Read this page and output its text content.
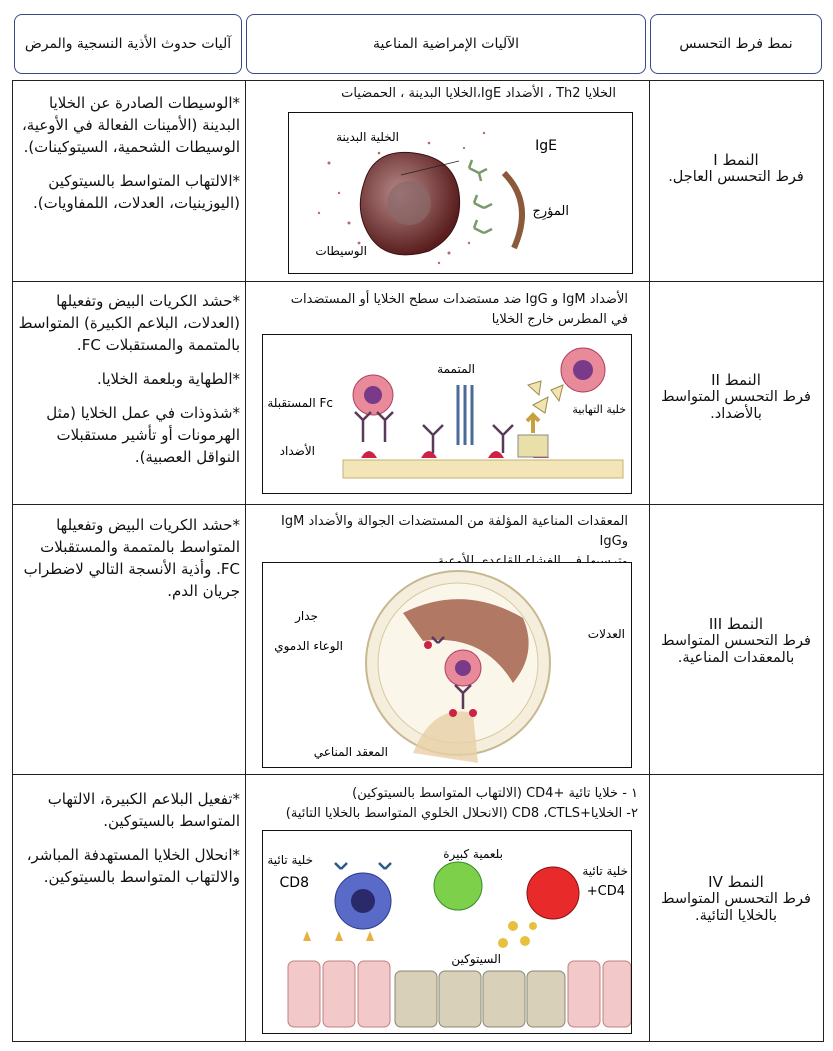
آليات حدوث الأذية النسجية والمرض	الآليات الإمراضية المناعية	نمط فرط التحسس

*الوسيطات الصادرة عن الخلايا البدينة (الأمينات الفعالة في الأوعية، الوسيطات الشحمية، السيتوكينات).

*الالتهاب المتواسط بالسيتوكين (اليوزينيات، العدلات، اللمفاويات).

الخلايا Th2 ، الأضداد IgE،الخلايا البدينة ، الحمضيات
الخلية البدينة
IgE
المؤرِج
الوسيطات
النمط I
فرط التحسس العاجل.

*حشد الكريات البيض وتفعيلها (العدلات، البلاعم الكبيرة) المتواسط بالمتممة والمستقبلات FC.

*الطهاية وبلعمة الخلايا.

*شذوذات في عمل الخلايا (مثل الهرمونات أو تأشير مستقبلات النواقل العصبية).

الأضداد IgM و IgG ضد مستضدات سطح الخلايا أو المستضدات
في المطرس خارج الخلايا
المتممة
المستقبلة Fc
الأضداد
خلية التهابية
النمط II
فرط التحسس المتواسط بالأضداد.

*حشد الكريات البيض وتفعيلها المتواسط بالمتممة والمستقبلات FC. وأذية الأنسجة التالي لاضطراب جريان الدم.

المعقدات المناعية المؤلفة من المستضدات الجوالة والأضداد IgM وIgG
جدار
الوعاء الدموي
العدلات
المعقد المناعي
النمط III
فرط التحسس المتواسط بالمعقدات المناعية.

*تفعيل البلاعم الكبيرة، الالتهاب المتواسط بالسيتوكين.

*انحلال الخلايا المستهدفة المباشر، والالتهاب المتواسط بالسيتوكين.

١ - خلايا تائية +CD4 (الالتهاب المتواسط بالسيتوكين)
٢- الخلايا+CD8 ،CTLS (الانحلال الخلوي المتواسط بالخلايا التائية)
خلية تائية
CD8
بلعمية كبيرة
خلية تائية
+CD4
السيتوكين
النمط IV
فرط التحسس المتواسط بالخلايا التائية.
